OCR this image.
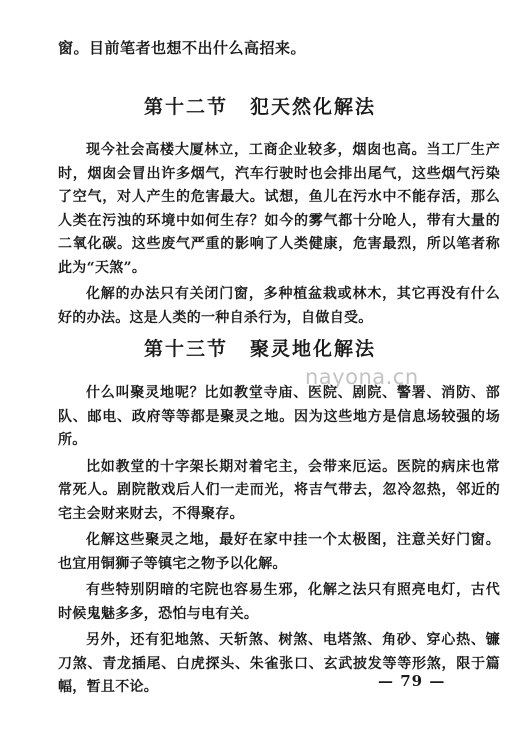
窗。目前笔者也想不出什么高招来。

第十二节 犯天然化解法

现今社会高楼大厦林立，工商企业较多，烟囱也高。当工厂生产时，烟囱会冒出许多烟气，汽车行驶时也会排出尾气，这些烟气污染了空气，对人产生的危害最大。试想，鱼儿在污水中不能存活，那么人类在污浊的环境中如何生存？如今的雾气都十分呛人，带有大量的二氧化碳。这些废气严重的影响了人类健康，危害最烈，所以笔者称此为“天煞”。

化解的办法只有关闭门窗，多种植盆栽或林木，其它再没有什么好的办法。这是人类的一种自杀行为，自做自受。

第十三节 聚灵地化解法

nayona.cn

什么叫聚灵地呢？比如教堂寺庙、医院、剧院、警署、消防、部队、邮电、政府等等都是聚灵之地。因为这些地方是信息场较强的场所。

比如教堂的十字架长期对着宅主，会带来厄运。医院的病床也常常死人。剧院散戏后人们一走而光，将吉气带去，忽冷忽热，邻近的宅主会财来财去，不得聚存。

化解这些聚灵之地，最好在家中挂一个太极图，注意关好门窗。也宜用铜狮子等镇宅之物予以化解。

有些特别阴暗的宅院也容易生邪，化解之法只有照亮电灯，古代时候鬼魅多多，恐怕与电有关。

另外，还有犯地煞、天斩煞、树煞、电塔煞、角砂、穿心热、镰刀煞、青龙插尾、白虎探头、朱雀张口、玄武披发等等形煞，限于篇幅，暂且不论。	— 79 —
